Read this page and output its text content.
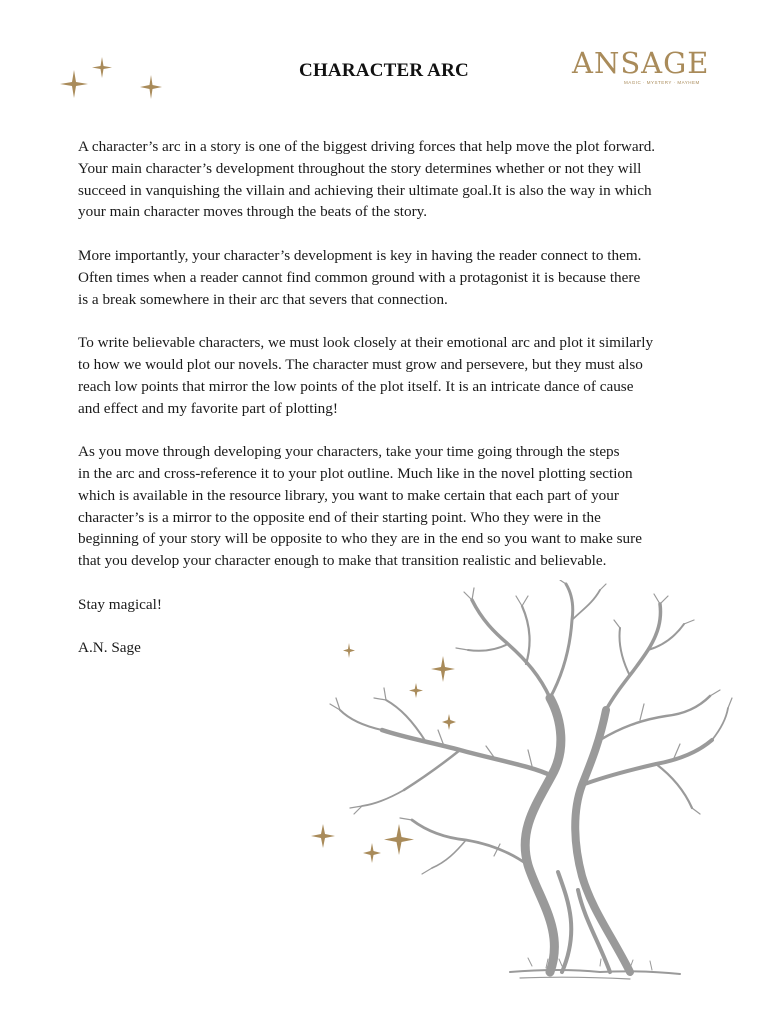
CHARACTER ARC	ANSAGE
MAGIC · MYSTERY · MAYHEM

A character’s arc in a story is one of the biggest driving forces that help move the plot forward.
Your main character’s development throughout the story determines whether or not they will
succeed in vanquishing the villain and achieving their ultimate goal.It is also the way in which
your main character moves through the beats of the story.

More importantly, your character’s development is key in having the reader connect to them.
Often times when a reader cannot find common ground with a protagonist it is because there
is a break somewhere in their arc that severs that connection.

To write believable characters, we must look closely at their emotional arc and plot it similarly
to how we would plot our novels. The character must grow and persevere, but they must also
reach low points that mirror the low points of the plot itself. It is an intricate dance of cause
and effect and my favorite part of plotting!

As you move through developing your characters, take your time going through the steps
in the arc and cross-reference it to your plot outline. Much like in the novel plotting section
which is available in the resource library, you want to make certain that each part of your
character’s is a mirror to the opposite end of their starting point. Who they were in the
beginning of your story will be opposite to who they are in the end so you want to make sure
that you develop your character enough to make that transition realistic and believable.

Stay magical!

A.N. Sage
